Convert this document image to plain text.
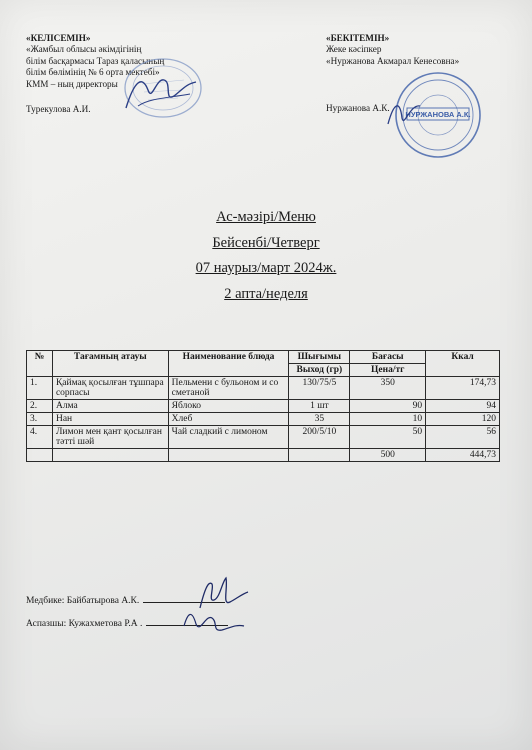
«КЕЛІСЕМІН»
«Жамбыл облысы әкімдігінің
білім басқармасы Тараз қаласының
білім бөлімінің № 6 орта мектебі»
КММ – ның директоры
Турекулова А.И.
«БЕКІТЕМІН»
Жеке кәсіпкер
«Нуржанова Акмарал Кенесовна»
Нуржанова А.К.
НУРЖАНОВА А.К.
Ас-мәзірі/Меню
Бейсенбі/Четверг
07 наурыз/март 2024ж.
2 апта/неделя
№	Тағамның атауы	Наименование блюда	Шығымы	Бағасы	Ккал
			Выход (гр)	Цена/тг	
1.	Қаймақ қосылған тұшпара сорпасы	Пельмени с бульоном и со сметаной	130/75/5	350	174,73
2.	Алма	Яблоко	1 шт	90	94
3.	Нан	Хлеб	35	10	120
4.	Лимон мен қант қосылған тәтті шәй	Чай сладкий с лимоном	200/5/10	50	56
				500	444,73
Медбике: Байбатырова А.К.
Аспазшы: Кужахметова Р.А .
